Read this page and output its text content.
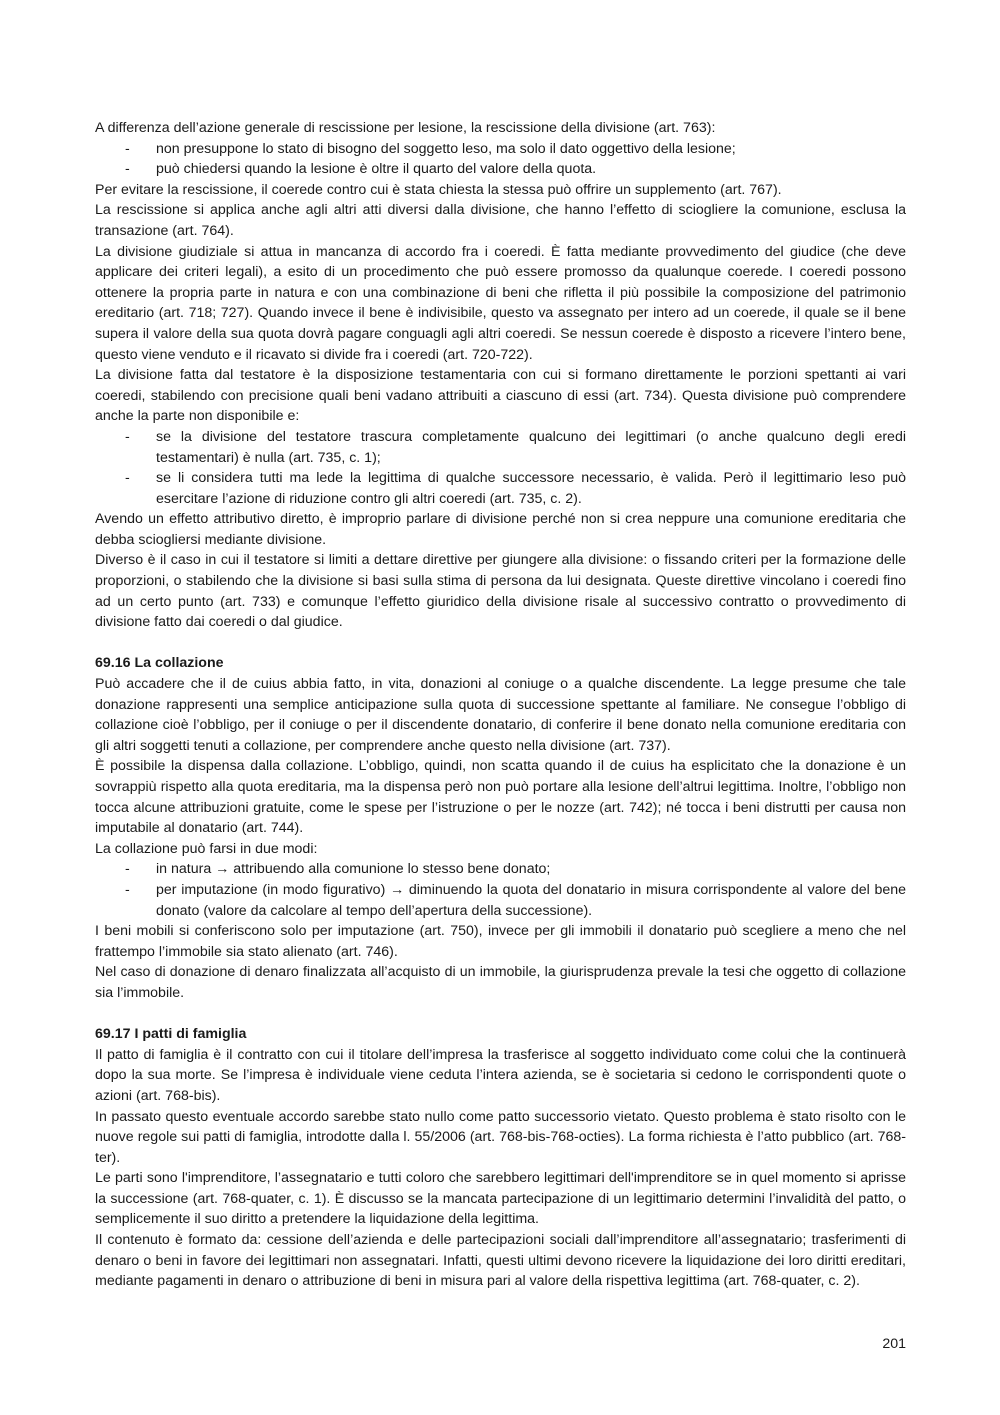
A differenza dell’azione generale di rescissione per lesione, la rescissione della divisione (art. 763):

- non presuppone lo stato di bisogno del soggetto leso, ma solo il dato oggettivo della lesione;
- può chiedersi quando la lesione è oltre il quarto del valore della quota.

Per evitare la rescissione, il coerede contro cui è stata chiesta la stessa può offrire un supplemento (art. 767).

La rescissione si applica anche agli altri atti diversi dalla divisione, che hanno l’effetto di sciogliere la comunione, esclusa la transazione (art. 764).

La divisione giudiziale si attua in mancanza di accordo fra i coeredi. È fatta mediante provvedimento del giudice (che deve applicare dei criteri legali), a esito di un procedimento che può essere promosso da qualunque coerede. I coeredi possono ottenere la propria parte in natura e con una combinazione di beni che rifletta il più possibile la composizione del patrimonio ereditario (art. 718; 727). Quando invece il bene è indivisibile, questo va assegnato per intero ad un coerede, il quale se il bene supera il valore della sua quota dovrà pagare conguagli agli altri coeredi. Se nessun coerede è disposto a ricevere l’intero bene, questo viene venduto e il ricavato si divide fra i coeredi (art. 720-722).

La divisione fatta dal testatore è la disposizione testamentaria con cui si formano direttamente le porzioni spettanti ai vari coeredi, stabilendo con precisione quali beni vadano attribuiti a ciascuno di essi (art. 734). Questa divisione può comprendere anche la parte non disponibile e:

- se la divisione del testatore trascura completamente qualcuno dei legittimari (o anche qualcuno degli eredi testamentari) è nulla (art. 735, c. 1);
- se li considera tutti ma lede la legittima di qualche successore necessario, è valida. Però il legittimario leso può esercitare l’azione di riduzione contro gli altri coeredi (art. 735, c. 2).

Avendo un effetto attributivo diretto, è improprio parlare di divisione perché non si crea neppure una comunione ereditaria che debba sciogliersi mediante divisione.

Diverso è il caso in cui il testatore si limiti a dettare direttive per giungere alla divisione: o fissando criteri per la formazione delle proporzioni, o stabilendo che la divisione si basi sulla stima di persona da lui designata. Queste direttive vincolano i coeredi fino ad un certo punto (art. 733) e comunque l’effetto giuridico della divisione risale al successivo contratto o provvedimento di divisione fatto dai coeredi o dal giudice.

69.16 La collazione

Può accadere che il de cuius abbia fatto, in vita, donazioni al coniuge o a qualche discendente. La legge presume che tale donazione rappresenti una semplice anticipazione sulla quota di successione spettante al familiare. Ne consegue l’obbligo di collazione cioè l’obbligo, per il coniuge o per il discendente donatario, di conferire il bene donato nella comunione ereditaria con gli altri soggetti tenuti a collazione, per comprendere anche questo nella divisione (art. 737).

È possibile la dispensa dalla collazione. L’obbligo, quindi, non scatta quando il de cuius ha esplicitato che la donazione è un sovrappiù rispetto alla quota ereditaria, ma la dispensa però non può portare alla lesione dell’altrui legittima. Inoltre, l’obbligo non tocca alcune attribuzioni gratuite, come le spese per l’istruzione o per le nozze (art. 742); né tocca i beni distrutti per causa non imputabile al donatario (art. 744).

La collazione può farsi in due modi:

- in natura → attribuendo alla comunione lo stesso bene donato;
- per imputazione (in modo figurativo) → diminuendo la quota del donatario in misura corrispondente al valore del bene donato (valore da calcolare al tempo dell’apertura della successione).

I beni mobili si conferiscono solo per imputazione (art. 750), invece per gli immobili il donatario può scegliere a meno che nel frattempo l’immobile sia stato alienato (art. 746).

Nel caso di donazione di denaro finalizzata all’acquisto di un immobile, la giurisprudenza prevale la tesi che oggetto di collazione sia l’immobile.

69.17 I patti di famiglia

Il patto di famiglia è il contratto con cui il titolare dell’impresa la trasferisce al soggetto individuato come colui che la continuerà dopo la sua morte. Se l’impresa è individuale viene ceduta l’intera azienda, se è societaria si cedono le corrispondenti quote o azioni (art. 768-bis).

In passato questo eventuale accordo sarebbe stato nullo come patto successorio vietato. Questo problema è stato risolto con le nuove regole sui patti di famiglia, introdotte dalla l. 55/2006 (art. 768-bis-768-octies). La forma richiesta è l’atto pubblico (art. 768-ter).

Le parti sono l'imprenditore, l’assegnatario e tutti coloro che sarebbero legittimari dell'imprenditore se in quel momento si aprisse la successione (art. 768-quater, c. 1). È discusso se la mancata partecipazione di un legittimario determini l’invalidità del patto, o semplicemente il suo diritto a pretendere la liquidazione della legittima.

Il contenuto è formato da: cessione dell’azienda e delle partecipazioni sociali dall’imprenditore all’assegnatario; trasferimenti di denaro o beni in favore dei legittimari non assegnatari. Infatti, questi ultimi devono ricevere la liquidazione dei loro diritti ereditari, mediante pagamenti in denaro o attribuzione di beni in misura pari al valore della rispettiva legittima (art. 768-quater, c. 2).

201
